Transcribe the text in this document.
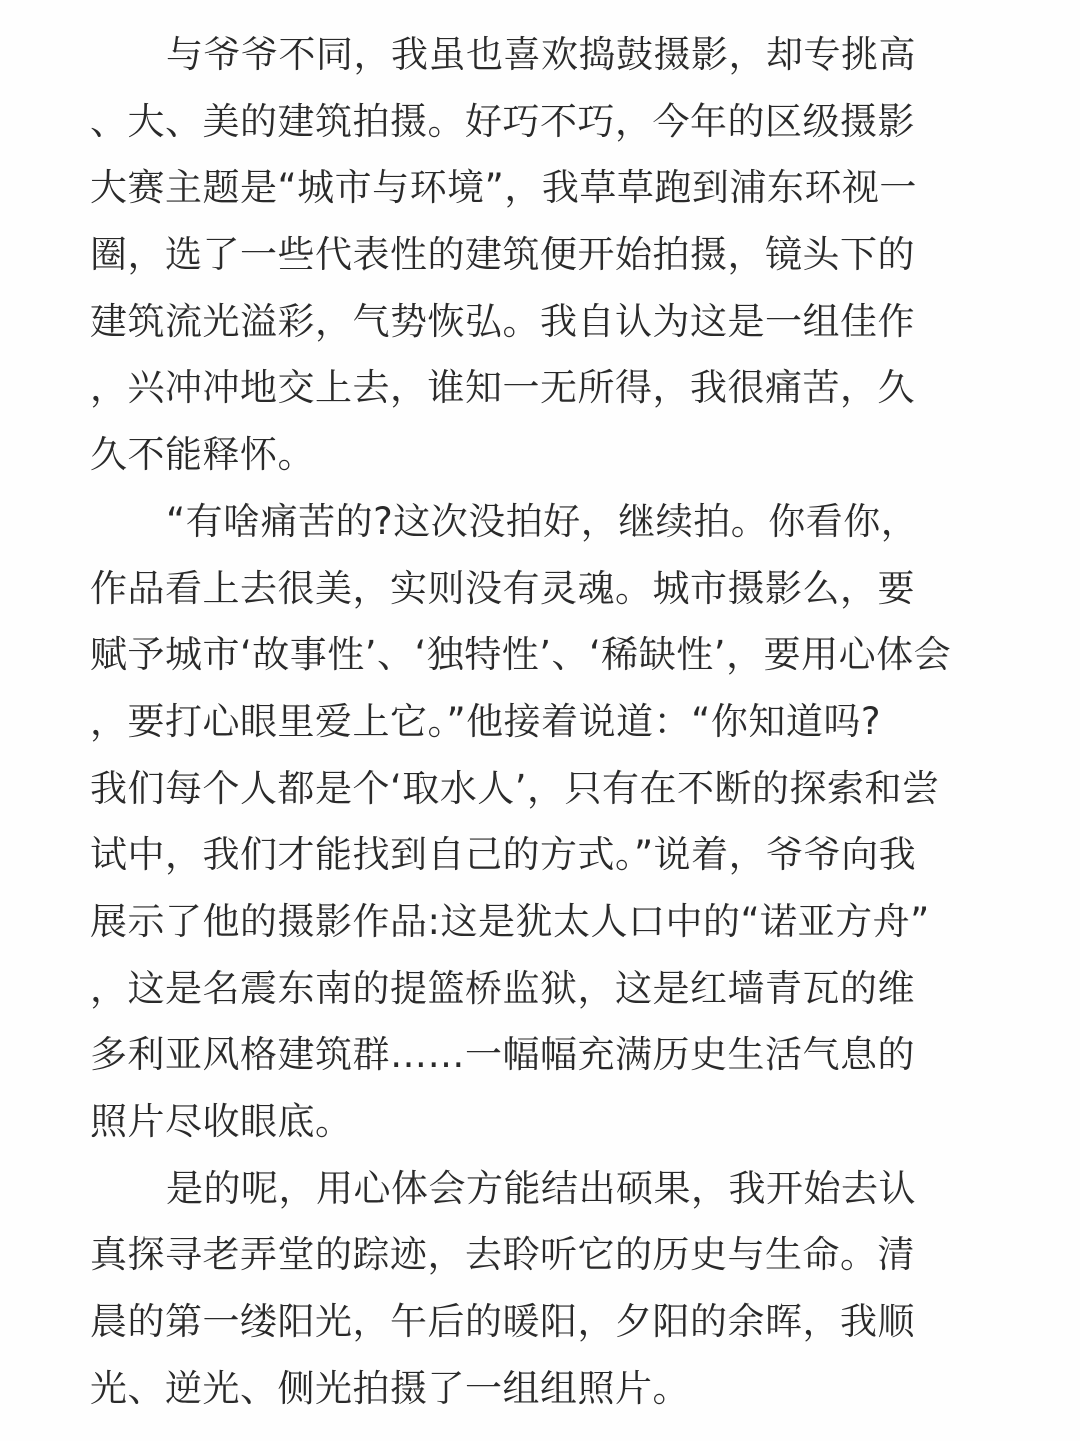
与爷爷不同，我虽也喜欢捣鼓摄影，却专挑高
、大、美的建筑拍摄。好巧不巧，今年的区级摄影
大赛主题是“城市与环境”，我草草跑到浦东环视一
圈，选了一些代表性的建筑便开始拍摄，镜头下的
建筑流光溢彩，气势恢弘。我自认为这是一组佳作
，兴冲冲地交上去，谁知一无所得，我很痛苦，久
久不能释怀。
“有啥痛苦的?这次没拍好，继续拍。你看你，
作品看上去很美，实则没有灵魂。城市摄影么，要
赋予城市‘故事性’、‘独特性’、‘稀缺性’，要用心体会
，要打心眼里爱上它。”他接着说道：“你知道吗?
我们每个人都是个‘取水人’，只有在不断的探索和尝
试中，我们才能找到自己的方式。”说着，爷爷向我
展示了他的摄影作品:这是犹太人口中的“诺亚方舟”
，这是名震东南的提篮桥监狱，这是红墙青瓦的维
多利亚风格建筑群……一幅幅充满历史生活气息的
照片尽收眼底。
是的呢，用心体会方能结出硕果，我开始去认
真探寻老弄堂的踪迹，去聆听它的历史与生命。清
晨的第一缕阳光，午后的暖阳，夕阳的余晖，我顺
光、逆光、侧光拍摄了一组组照片。
